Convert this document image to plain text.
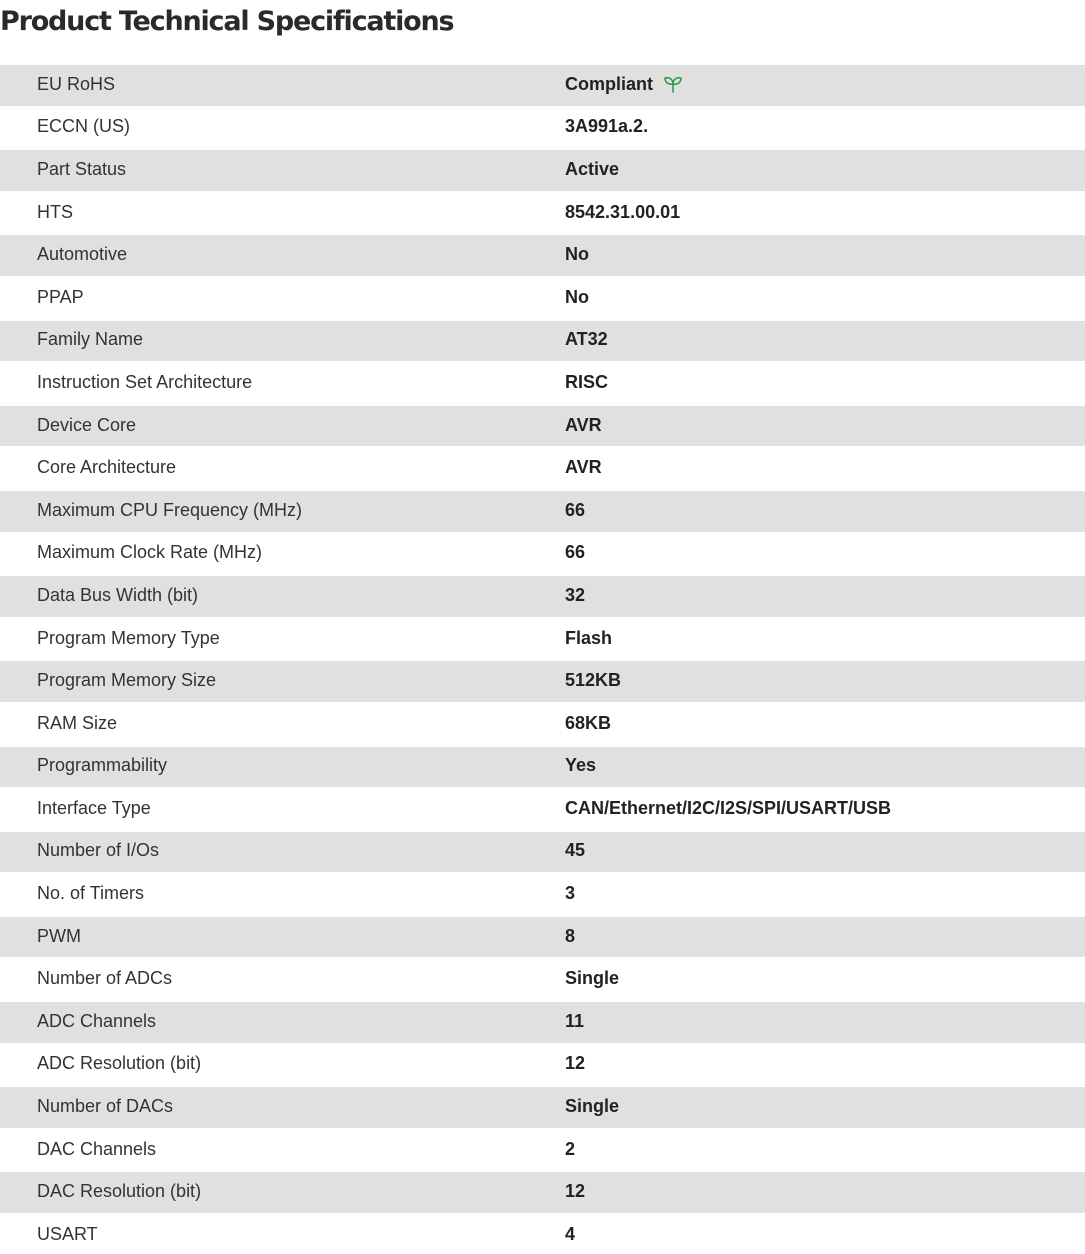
Product Technical Specifications
EU RoHS	Compliant
ECCN (US)	3A991a.2.
Part Status	Active
HTS	8542.31.00.01
Automotive	No
PPAP	No
Family Name	AT32
Instruction Set Architecture	RISC
Device Core	AVR
Core Architecture	AVR
Maximum CPU Frequency (MHz)	66
Maximum Clock Rate (MHz)	66
Data Bus Width (bit)	32
Program Memory Type	Flash
Program Memory Size	512KB
RAM Size	68KB
Programmability	Yes
Interface Type	CAN/Ethernet/I2C/I2S/SPI/USART/USB
Number of I/Os	45
No. of Timers	3
PWM	8
Number of ADCs	Single
ADC Channels	11
ADC Resolution (bit)	12
Number of DACs	Single
DAC Channels	2
DAC Resolution (bit)	12
USART	4
